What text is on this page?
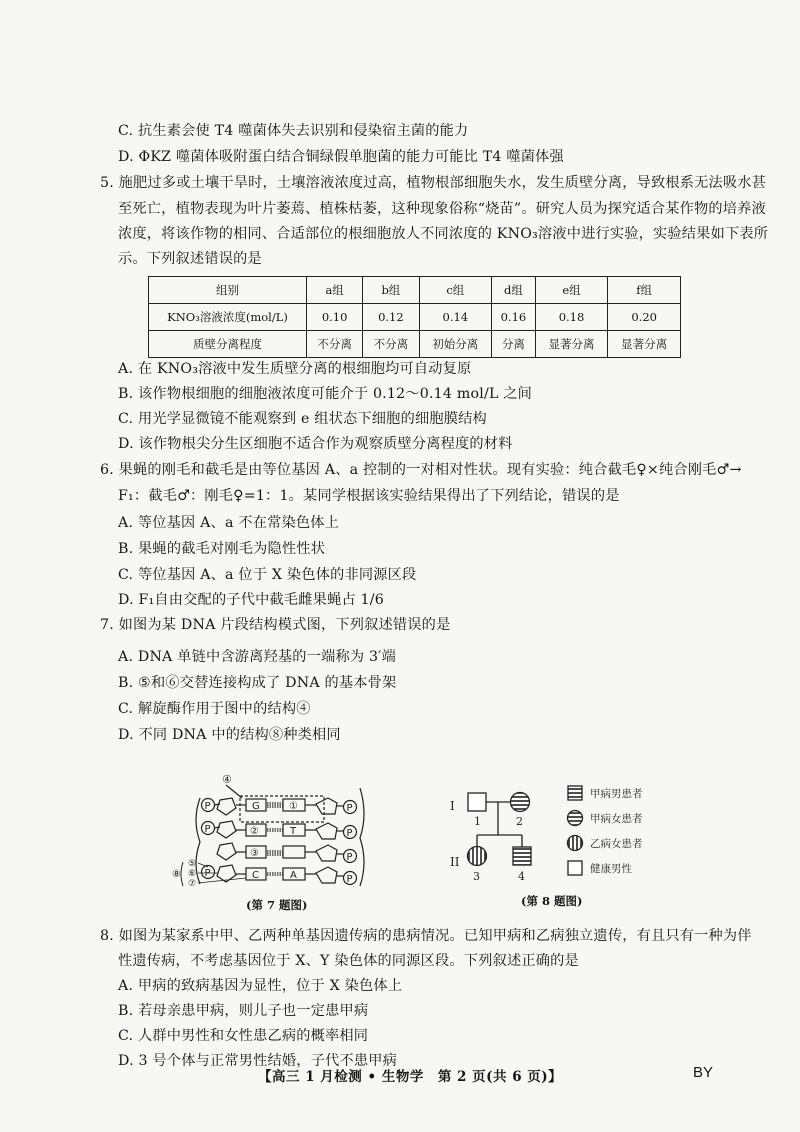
C. 抗生素会使 T4 噬菌体失去识别和侵染宿主菌的能力
D. ΦKZ 噬菌体吸附蛋白结合铜绿假单胞菌的能力可能比 T4 噬菌体强
5. 施肥过多或土壤干旱时，土壤溶液浓度过高，植物根部细胞失水，发生质壁分离，导致根系无法吸水甚
至死亡，植物表现为叶片萎蔫、植株枯萎，这种现象俗称“烧苗”。研究人员为探究适合某作物的培养液
浓度，将该作物的相同、合适部位的根细胞放人不同浓度的 KNO₃溶液中进行实验，实验结果如下表所
示。下列叙述错误的是
组别	a组	b组	c组	d组	e组	f组
KNO₃溶液浓度(mol/L)	0.10	0.12	0.14	0.16	0.18	0.20
质壁分离程度	不分离	不分离	初始分离	分离	显著分离	显著分离
A. 在 KNO₃溶液中发生质壁分离的根细胞均可自动复原
B. 该作物根细胞的细胞液浓度可能介于 0.12～0.14 mol/L 之间
C. 用光学显微镜不能观察到 e 组状态下细胞的细胞膜结构
D. 该作物根尖分生区细胞不适合作为观察质壁分离程度的材料
6. 果蝇的刚毛和截毛是由等位基因 A、a 控制的一对相对性状。现有实验：纯合截毛♀×纯合刚毛♂→
F₁：截毛♂：刚毛♀=1：1。某同学根据该实验结果得出了下列结论，错误的是
A. 等位基因 A、a 不在常染色体上
B. 果蝇的截毛对刚毛为隐性性状
C. 等位基因 A、a 位于 X 染色体的非同源区段
D. F₁自由交配的子代中截毛雌果蝇占 1/6
7. 如图为某 DNA 片段结构模式图，下列叙述错误的是
A. DNA 单链中含游离羟基的一端称为 3′端
B. ⑤和⑥交替连接构成了 DNA 的基本骨架
C. 解旋酶作用于图中的结构④
D. 不同 DNA 中的结构⑧种类相同
④
P	G	①	P
P	②	T	P
③	P
P	C	A	P
⑤
⑥
⑦
⑧
(第 7 题图)
I
II
1	2
3	4
甲病男患者
甲病女患者
乙病女患者
健康男性
(第 8 题图)
8. 如图为某家系中甲、乙两种单基因遗传病的患病情况。已知甲病和乙病独立遗传，有且只有一种为伴
性遗传病，不考虑基因位于 X、Y 染色体的同源区段。下列叙述正确的是
A. 甲病的致病基因为显性，位于 X 染色体上
B. 若母亲患甲病，则儿子也一定患甲病
C. 人群中男性和女性患乙病的概率相同
D. 3 号个体与正常男性结婚，子代不患甲病
【高三 1 月检测 • 生物学　第 2 页(共 6 页)】	BY
